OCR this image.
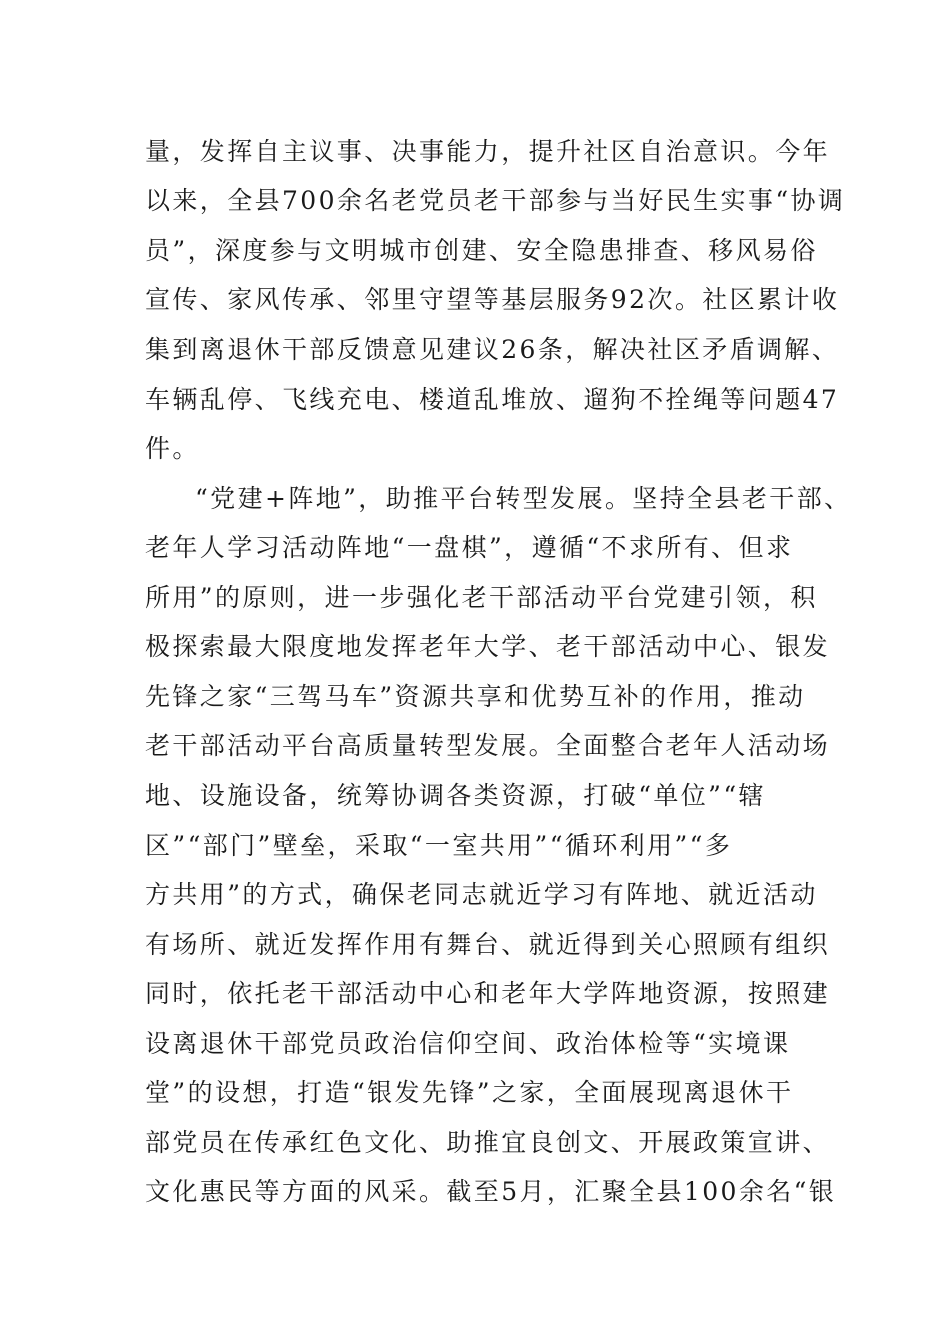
量，发挥自主议事、决事能力，提升社区自治意识。今年

以来，全县700余名老党员老干部参与当好民生实事“协调

员”，深度参与文明城市创建、安全隐患排查、移风易俗

宣传、家风传承、邻里守望等基层服务92次。社区累计收

集到离退休干部反馈意见建议26条，解决社区矛盾调解、

车辆乱停、飞线充电、楼道乱堆放、遛狗不拴绳等问题47

件。

“党建+阵地”，助推平台转型发展。坚持全县老干部、

老年人学习活动阵地“一盘棋”，遵循“不求所有、但求

所用”的原则，进一步强化老干部活动平台党建引领，积

极探索最大限度地发挥老年大学、老干部活动中心、银发

先锋之家“三驾马车”资源共享和优势互补的作用，推动

老干部活动平台高质量转型发展。全面整合老年人活动场

地、设施设备，统筹协调各类资源，打破“单位”“辖

区”“部门”壁垒，采取“一室共用”“循环利用”“多

方共用”的方式，确保老同志就近学习有阵地、就近活动

有场所、就近发挥作用有舞台、就近得到关心照顾有组织

同时，依托老干部活动中心和老年大学阵地资源，按照建

设离退休干部党员政治信仰空间、政治体检等“实境课

堂”的设想，打造“银发先锋”之家，全面展现离退休干

部党员在传承红色文化、助推宜良创文、开展政策宣讲、

文化惠民等方面的风采。截至5月，汇聚全县100余名“银
